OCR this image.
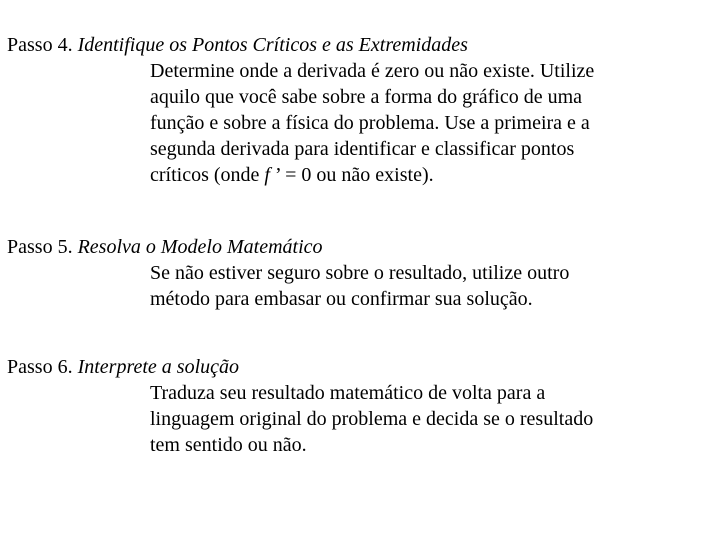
Passo 4. Identifique os Pontos Críticos e as Extremidades
Determine onde a derivada é zero ou não existe. Utilize
aquilo que você sabe sobre a forma do gráfico de uma
função e sobre a física do problema. Use a primeira e a
segunda derivada para identificar e classificar pontos
críticos (onde f ’ = 0 ou não existe).
Passo 5. Resolva o Modelo Matemático
Se não estiver seguro sobre o resultado, utilize outro
método para embasar ou confirmar sua solução.
Passo 6. Interprete a solução
Traduza seu resultado matemático de volta para a
linguagem original do problema e decida se o resultado
tem sentido ou não.
